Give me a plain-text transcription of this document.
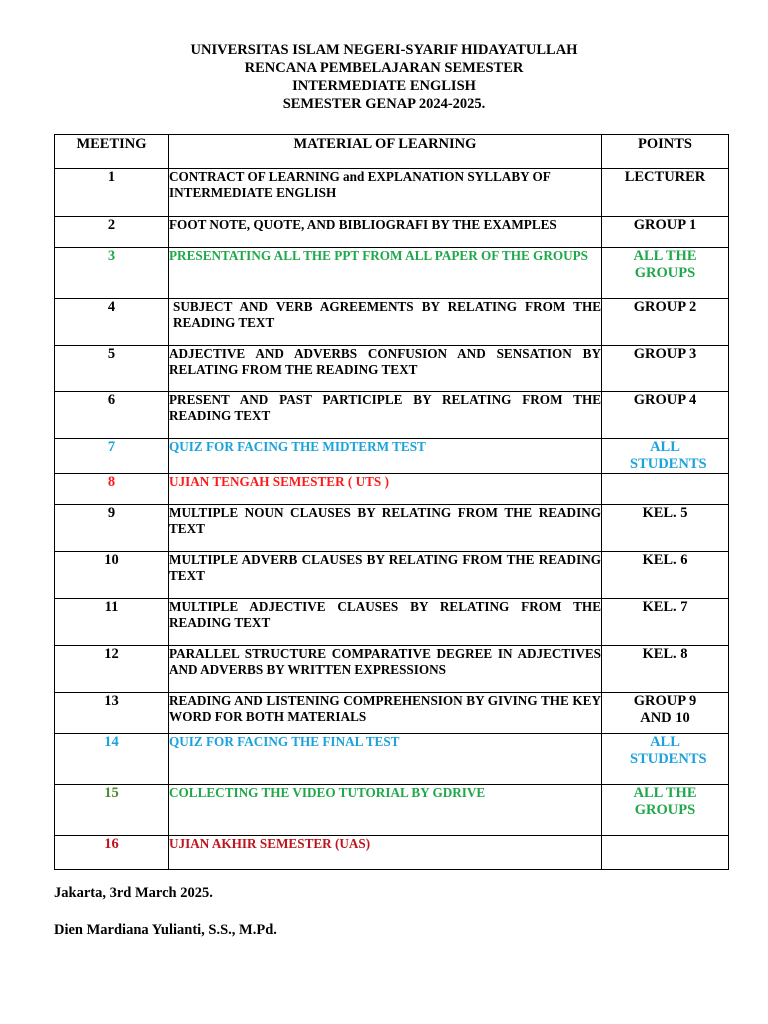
UNIVERSITAS ISLAM NEGERI-SYARIF HIDAYATULLAH
RENCANA PEMBELAJARAN SEMESTER
INTERMEDIATE ENGLISH
SEMESTER GENAP 2024-2025.
MEETING	MATERIAL OF LEARNING	POINTS
1	CONTRACT OF LEARNING and EXPLANATION SYLLABY OF INTERMEDIATE ENGLISH	LECTURER
2	FOOT NOTE, QUOTE, AND BIBLIOGRAFI BY THE EXAMPLES	GROUP 1
3	PRESENTATING ALL THE PPT FROM ALL PAPER OF THE GROUPS	ALL THE GROUPS
4	SUBJECT AND VERB AGREEMENTS BY RELATING FROM THE READING TEXT	GROUP 2
5	ADJECTIVE AND ADVERBS CONFUSION AND SENSATION BY RELATING FROM THE READING TEXT	GROUP 3
6	PRESENT AND PAST PARTICIPLE BY RELATING FROM THE READING TEXT	GROUP 4
7	QUIZ FOR FACING THE MIDTERM TEST	ALL STUDENTS
8	UJIAN TENGAH SEMESTER ( UTS )	
9	MULTIPLE NOUN CLAUSES BY RELATING FROM THE READING TEXT	KEL. 5
10	MULTIPLE ADVERB CLAUSES BY RELATING FROM THE READING TEXT	KEL. 6
11	MULTIPLE ADJECTIVE CLAUSES BY RELATING FROM THE READING TEXT	KEL. 7
12	PARALLEL STRUCTURE COMPARATIVE DEGREE IN ADJECTIVES AND ADVERBS BY WRITTEN EXPRESSIONS	KEL. 8
13	READING AND LISTENING COMPREHENSION BY GIVING THE KEY WORD FOR BOTH MATERIALS	GROUP 9 AND 10
14	QUIZ FOR FACING THE FINAL TEST	ALL STUDENTS
15	COLLECTING THE VIDEO TUTORIAL BY GDRIVE	ALL THE GROUPS
16	UJIAN AKHIR SEMESTER (UAS)	
Jakarta, 3rd March 2025.
Dien Mardiana Yulianti, S.S., M.Pd.
